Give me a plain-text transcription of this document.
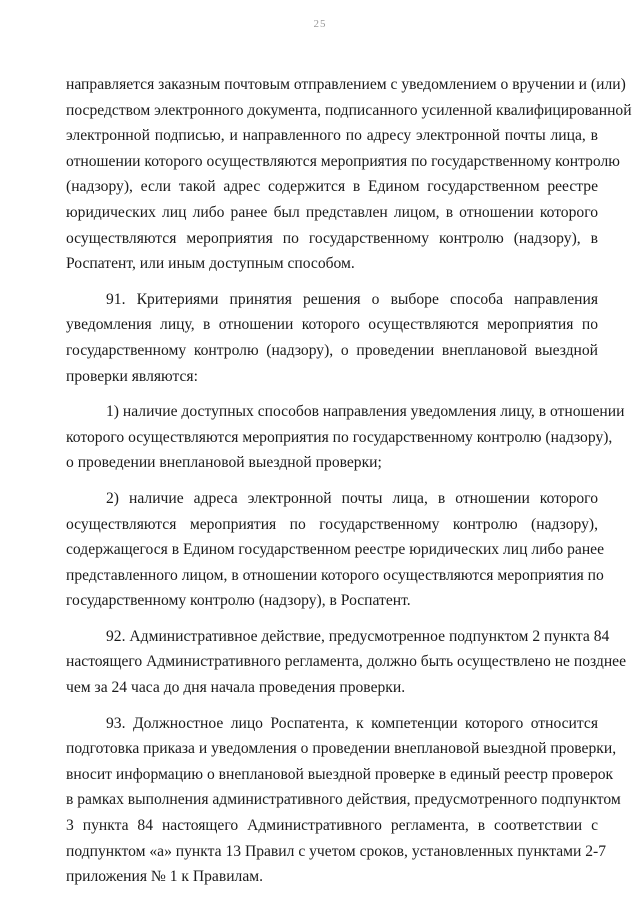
25
направляется заказным почтовым отправлением с уведомлением о вручении и (или)
посредством электронного документа, подписанного усиленной квалифицированной
электронной подписью, и направленного по адресу электронной почты лица, в
отношении которого осуществляются мероприятия по государственному контролю
(надзору), если такой адрес содержится в Едином государственном реестре
юридических лиц либо ранее был представлен лицом, в отношении которого
осуществляются мероприятия по государственному контролю (надзору), в
Роспатент, или иным доступным способом.
91. Критериями принятия решения о выборе способа направления
уведомления лицу, в отношении которого осуществляются мероприятия по
государственному контролю (надзору), о проведении внеплановой выездной
проверки являются:
1) наличие доступных способов направления уведомления лицу, в отношении
которого осуществляются мероприятия по государственному контролю (надзору),
о проведении внеплановой выездной проверки;
2) наличие адреса электронной почты лица, в отношении которого
осуществляются мероприятия по государственному контролю (надзору),
содержащегося в Едином государственном реестре юридических лиц либо ранее
представленного лицом, в отношении которого осуществляются мероприятия по
государственному контролю (надзору), в Роспатент.
92. Административное действие, предусмотренное подпунктом 2 пункта 84
настоящего Административного регламента, должно быть осуществлено не позднее
чем за 24 часа до дня начала проведения проверки.
93. Должностное лицо Роспатента, к компетенции которого относится
подготовка приказа и уведомления о проведении внеплановой выездной проверки,
вносит информацию о внеплановой выездной проверке в единый реестр проверок
в рамках выполнения административного действия, предусмотренного подпунктом
3 пункта 84 настоящего Административного регламента, в соответствии с
подпунктом «а» пункта 13 Правил с учетом сроков, установленных пунктами 2-7
приложения № 1 к Правилам.
